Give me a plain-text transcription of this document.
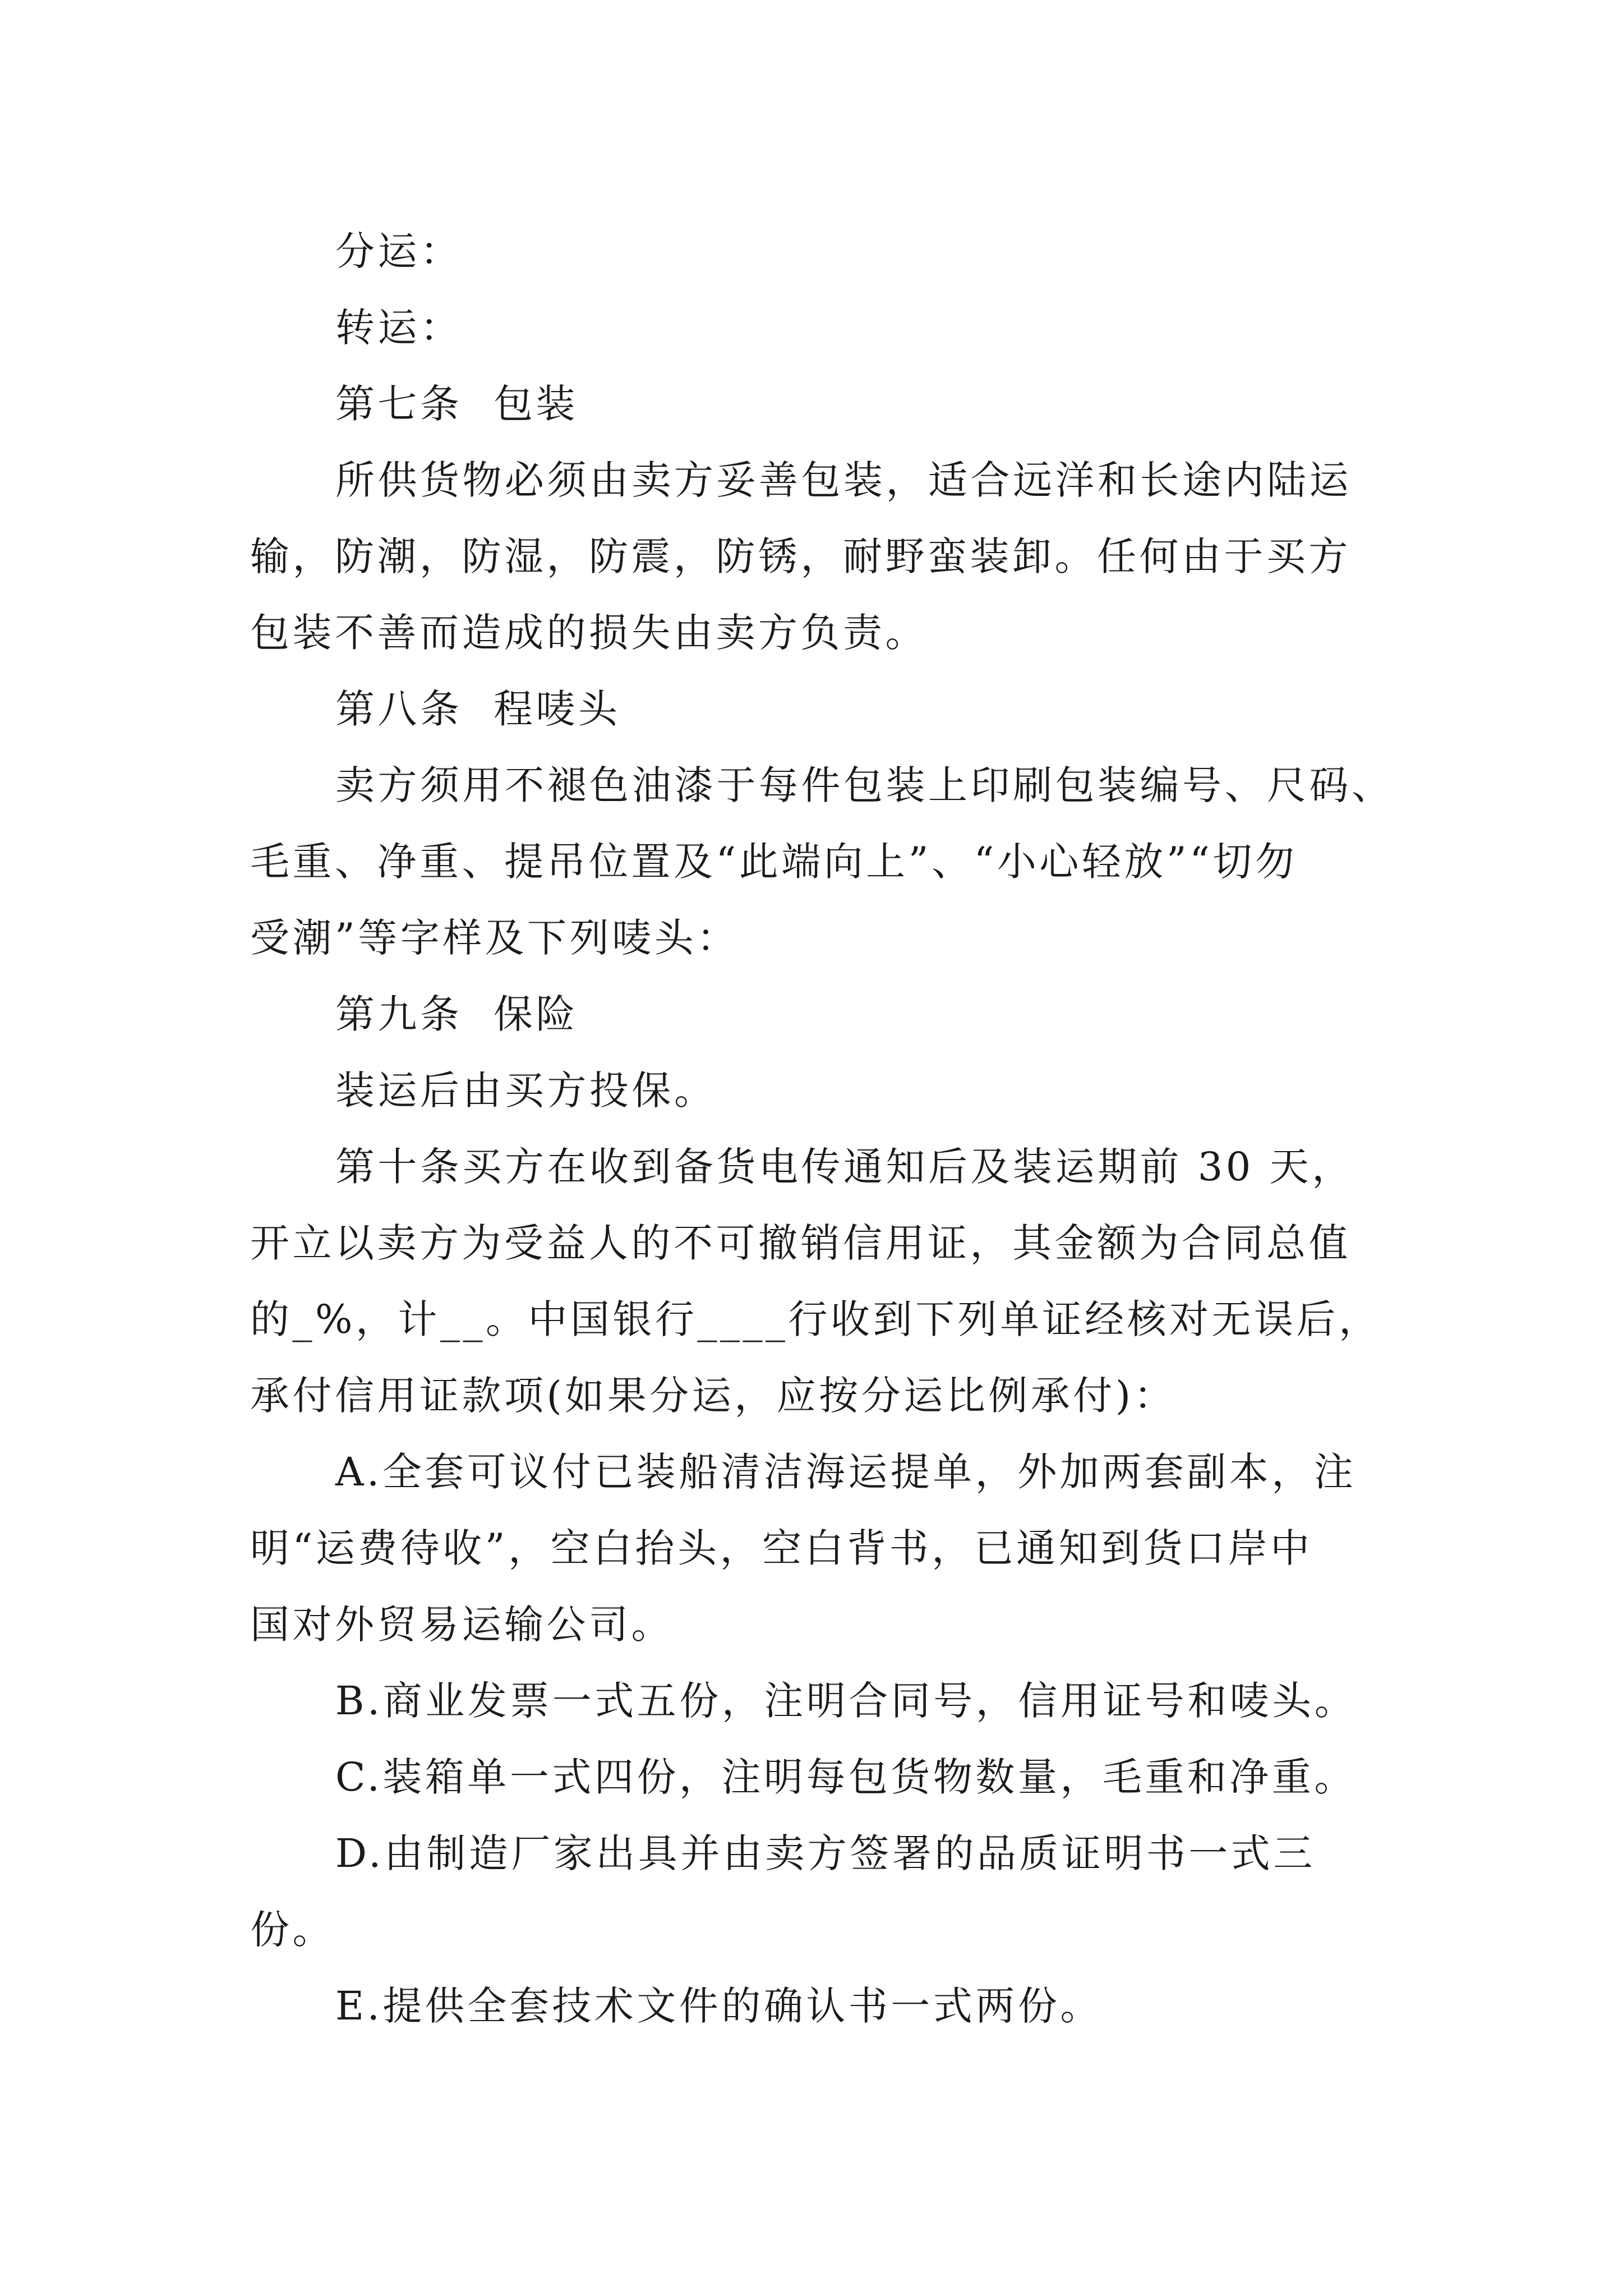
分运：
转运：
第七条  包装
所供货物必须由卖方妥善包装，适合远洋和长途内陆运
输，防潮，防湿，防震，防锈，耐野蛮装卸。任何由于买方
包装不善而造成的损失由卖方负责。
第八条  程唛头
卖方须用不褪色油漆于每件包装上印刷包装编号、尺码、
毛重、净重、提吊位置及“此端向上”、“小心轻放”“切勿
受潮”等字样及下列唛头：
第九条  保险
装运后由买方投保。
第十条买方在收到备货电传通知后及装运期前 30 天，
开立以卖方为受益人的不可撤销信用证，其金额为合同总值
的_%，计__。中国银行____行收到下列单证经核对无误后，
承付信用证款项(如果分运，应按分运比例承付)：
A.全套可议付已装船清洁海运提单，外加两套副本，注
明“运费待收”，空白抬头，空白背书，已通知到货口岸中
国对外贸易运输公司。
B.商业发票一式五份，注明合同号，信用证号和唛头。
C.装箱单一式四份，注明每包货物数量，毛重和净重。
D.由制造厂家出具并由卖方签署的品质证明书一式三
份。
E.提供全套技术文件的确认书一式两份。
